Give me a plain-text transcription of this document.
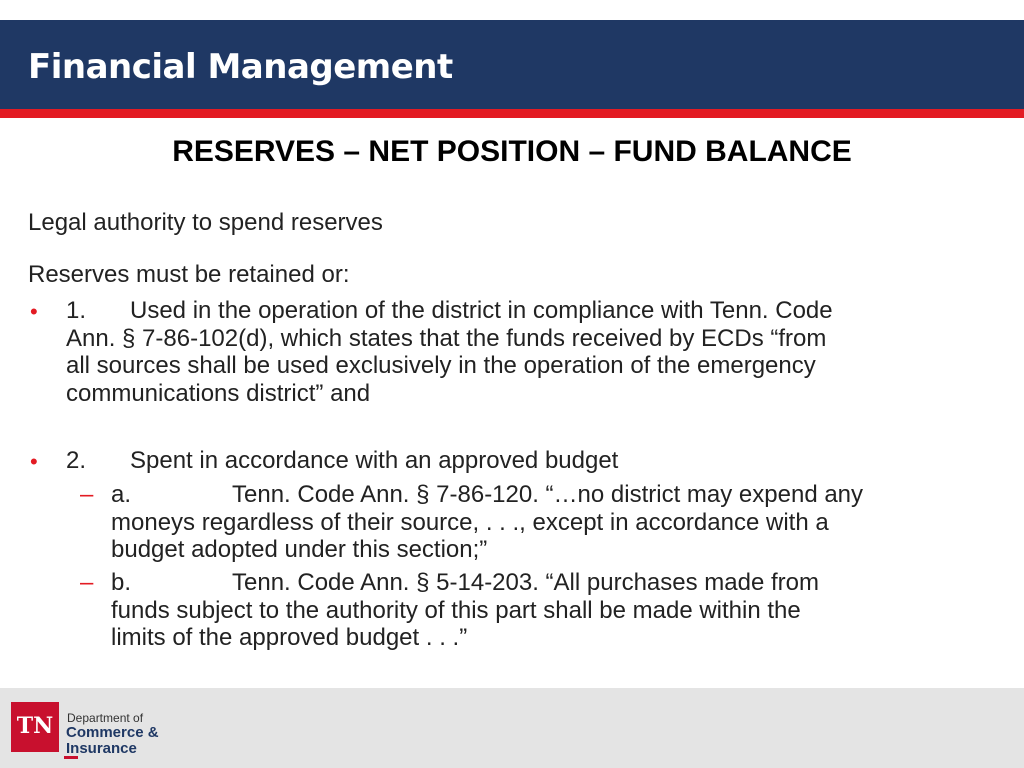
Financial Management
RESERVES – NET POSITION – FUND BALANCE
Legal authority to spend reserves
Reserves must be retained or:
• 1. Used in the operation of the district in compliance with Tenn. Code
Ann. § 7-86-102(d), which states that the funds received by ECDs “from
all sources shall be used exclusively in the operation of the emergency
communications district” and
• 2. Spent in accordance with an approved budget
– a.	Tenn. Code Ann. § 7-86-120. “…no district may expend any
moneys regardless of their source, . . ., except in accordance with a
budget adopted under this section;”
– b.	Tenn. Code Ann. § 5-14-203. “All purchases made from
funds subject to the authority of this part shall be made within the
limits of the approved budget . . .”
TN	Department of
Commerce &
Insurance
